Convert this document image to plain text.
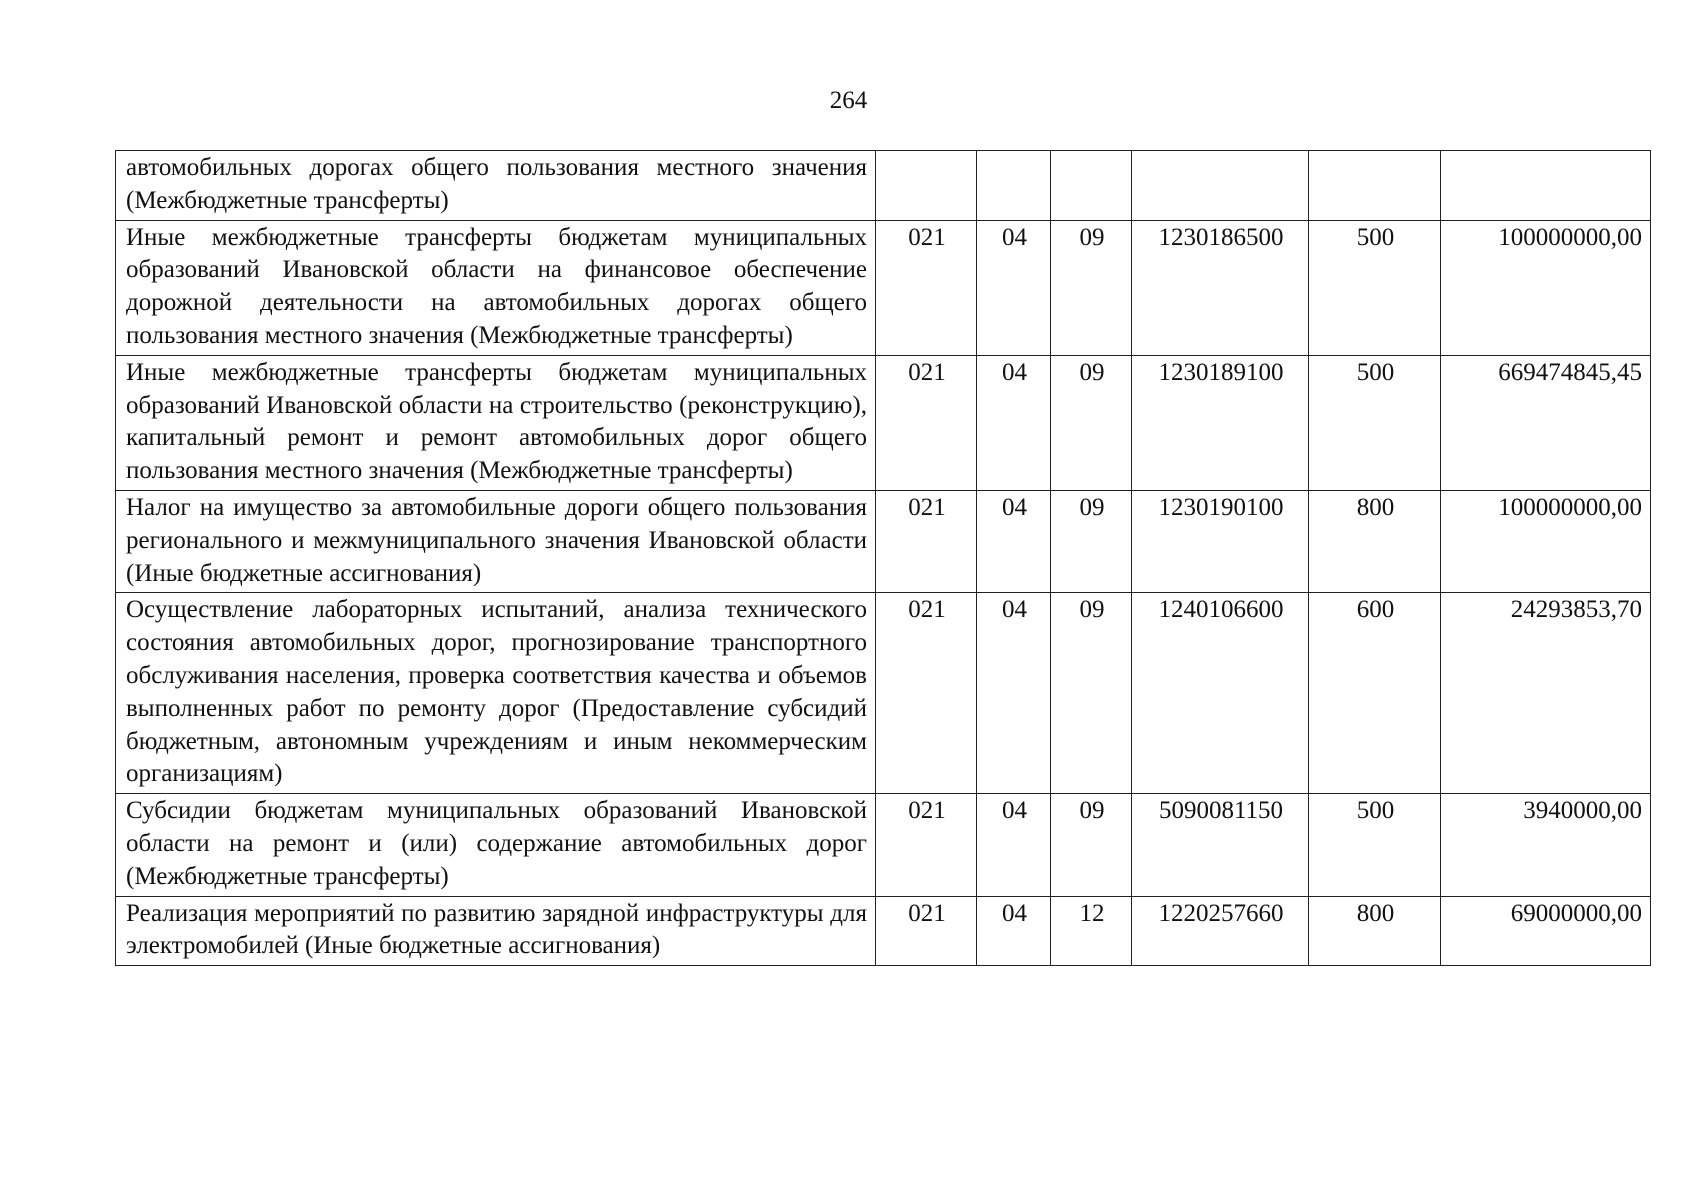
264
автомобильных дорогах общего пользования местного значения (Межбюджетные трансферты)						
Иные межбюджетные трансферты бюджетам муниципальных образований Ивановской области на финансовое обеспечение дорожной деятельности на автомобильных дорогах общего пользования местного значения (Межбюджетные трансферты)	021	04	09	1230186500	500	100000000,00
Иные межбюджетные трансферты бюджетам муниципальных образований Ивановской области на строительство (реконструкцию), капитальный ремонт и ремонт автомобильных дорог общего пользования местного значения (Межбюджетные трансферты)	021	04	09	1230189100	500	669474845,45
Налог на имущество за автомобильные дороги общего пользования регионального и межмуниципального значения Ивановской области (Иные бюджетные ассигнования)	021	04	09	1230190100	800	100000000,00
Осуществление лабораторных испытаний, анализа технического состояния автомобильных дорог, прогнозирование транспортного обслуживания населения, проверка соответствия качества и объемов выполненных работ по ремонту дорог (Предоставление субсидий бюджетным, автономным учреждениям и иным некоммерческим организациям)	021	04	09	1240106600	600	24293853,70
Субсидии бюджетам муниципальных образований Ивановской области на ремонт и (или) содержание автомобильных дорог (Межбюджетные трансферты)	021	04	09	5090081150	500	3940000,00
Реализация мероприятий по развитию зарядной инфраструктуры для электромобилей (Иные бюджетные ассигнования)	021	04	12	1220257660	800	69000000,00
